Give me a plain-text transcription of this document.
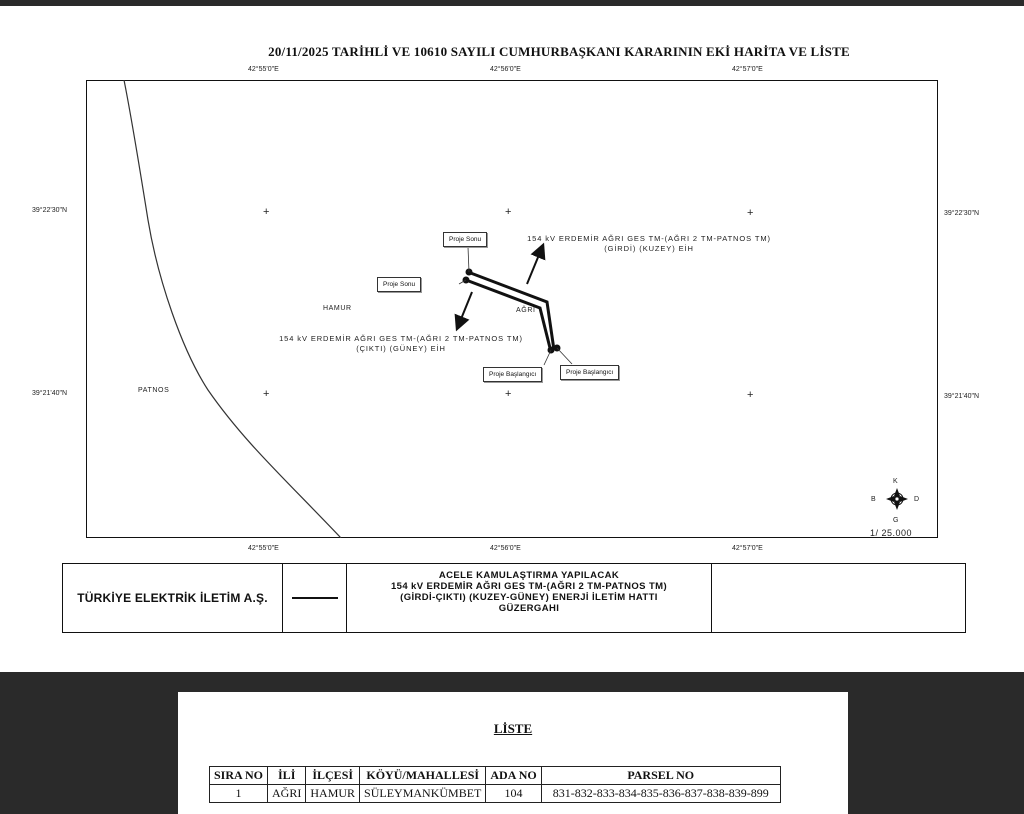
20/11/2025 TARİHLİ VE 10610 SAYILI CUMHURBAŞKANI KARARININ EKİ HARİTA VE LİSTE
42°55'0"E	42°56'0"E	42°57'0"E
42°55'0"E	42°56'0"E	42°57'0"E
39°22'30"N
39°21'40"N
39°22'30"N
39°21'40"N
+	+	+
+	+	+
HAMUR	AĞRI
PATNOS
154 kV ERDEMİR AĞRI GES TM-(AĞRI 2 TM-PATNOS TM)
(GİRDİ) (KUZEY) EİH
154 kV ERDEMİR AĞRI GES TM-(AĞRI 2 TM-PATNOS TM)
(ÇIKTI) (GÜNEY) EİH
Proje Sonu
Proje Sonu
Proje Başlangıcı	Proje Başlangıcı
K
B	D
G
1/ 25.000
TÜRKİYE ELEKTRİK İLETİM A.Ş.
ACELE KAMULAŞTIRMA YAPILACAK
154 kV ERDEMİR AĞRI GES TM-(AĞRI 2 TM-PATNOS TM)
(GİRDİ-ÇIKTI) (KUZEY-GÜNEY) ENERJİ İLETİM HATTI
GÜZERGAHI
LİSTE
SIRA NO	İLİ	İLÇESİ	KÖYÜ/MAHALLESİ	ADA NO	PARSEL NO
1	AĞRI	HAMUR	SÜLEYMANKÜMBET	104	831-832-833-834-835-836-837-838-839-899
